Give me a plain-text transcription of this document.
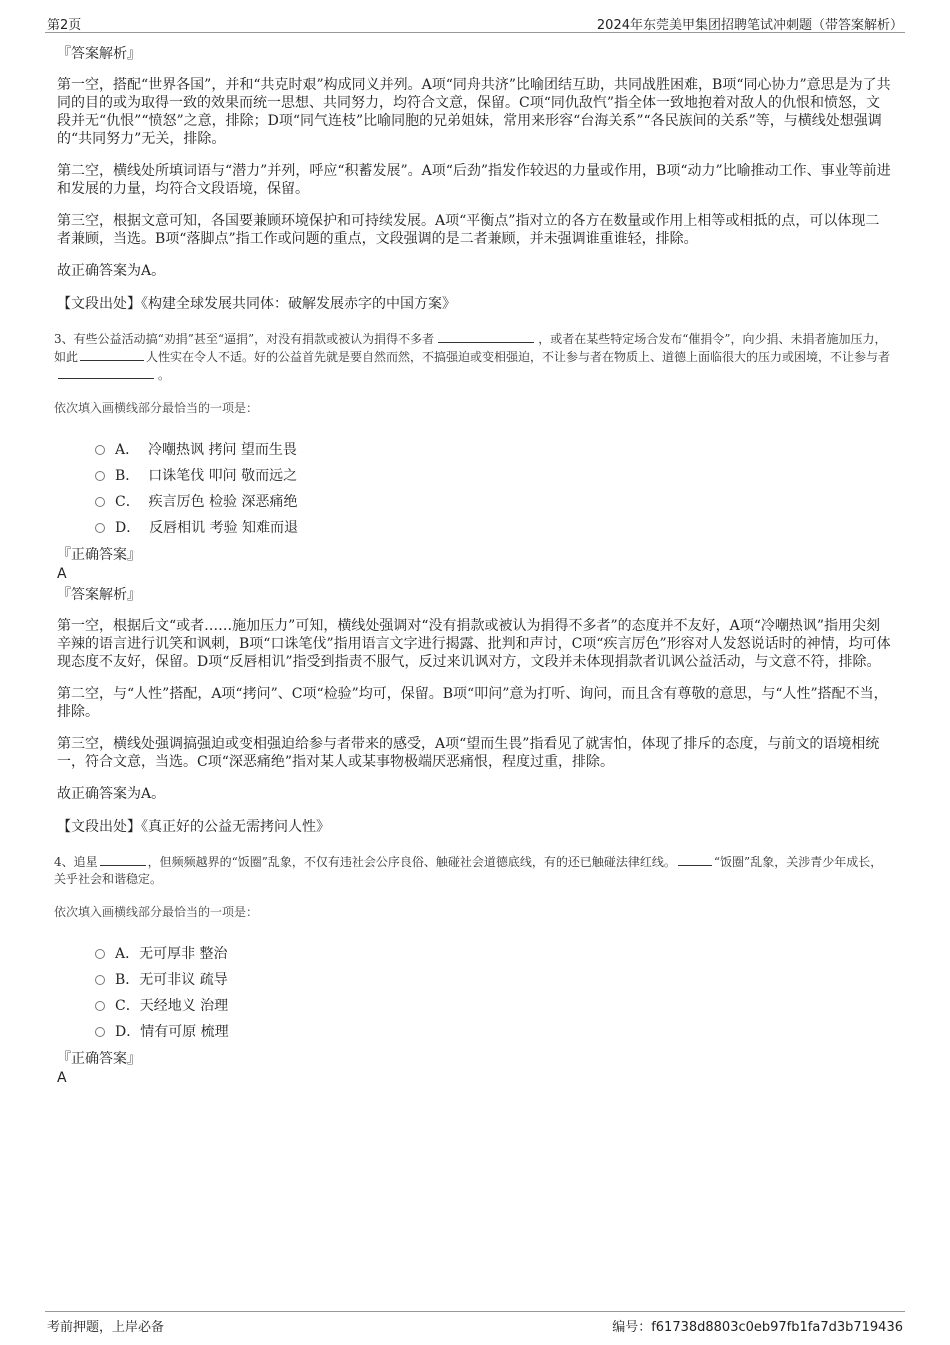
第2页	2024年东莞美甲集团招聘笔试冲刺题（带答案解析）
『答案解析』

第一空，搭配“世界各国”，并和“共克时艰”构成同义并列。A项“同舟共济”比喻团结互助，共同战胜困难，B项“同心协力”意思是为了共同的目的或为取得一致的效果而统一思想、共同努力，均符合文意，保留。C项“同仇敌忾”指全体一致地抱着对敌人的仇恨和愤怒，文段并无“仇恨”“愤怒”之意，排除；D项“同气连枝”比喻同胞的兄弟姐妹，常用来形容“台海关系”“各民族间的关系”等，与横线处想强调的“共同努力”无关，排除。

第二空，横线处所填词语与“潜力”并列，呼应“积蓄发展”。A项“后劲”指发作较迟的力量或作用，B项“动力”比喻推动工作、事业等前进和发展的力量，均符合文段语境，保留。

第三空，根据文意可知，各国要兼顾环境保护和可持续发展。A项“平衡点”指对立的各方在数量或作用上相等或相抵的点，可以体现二者兼顾，当选。B项“落脚点”指工作或问题的重点，文段强调的是二者兼顾，并未强调谁重谁轻，排除。

故正确答案为A。

【文段出处】《构建全球发展共同体：破解发展赤字的中国方案》
3、有些公益活动搞“劝捐”甚至“逼捐”，对没有捐款或被认为捐得不多者	，或者在某些特定场合发布“催捐令”，向少捐、未捐者施加压力，如此	人性实在令人不适。好的公益首先就是要自然而然，不搞强迫或变相强迫，不让参与者在物质上、道德上面临很大的压力或困境，不让参与者。
依次填入画横线部分最恰当的一项是：
A．  冷嘲热讽 拷问 望而生畏
B．  口诛笔伐 叩问 敬而远之
C．  疾言厉色 检验 深恶痛绝
D．  反唇相讥 考验 知难而退
『正确答案』
A
『答案解析』

第一空，根据后文“或者……施加压力”可知，横线处强调对“没有捐款或被认为捐得不多者”的态度并不友好，A项“冷嘲热讽”指用尖刻辛辣的语言进行讥笑和讽刺，B项“口诛笔伐”指用语言文字进行揭露、批判和声讨，C项“疾言厉色”形容对人发怒说话时的神情，均可体现态度不友好，保留。D项“反唇相讥”指受到指责不服气，反过来讥讽对方，文段并未体现捐款者讥讽公益活动，与文意不符，排除。

第二空，与“人性”搭配，A项“拷问”、C项“检验”均可，保留。B项“叩问”意为打听、询问，而且含有尊敬的意思，与“人性”搭配不当，排除。

第三空，横线处强调搞强迫或变相强迫给参与者带来的感受，A项“望而生畏”指看见了就害怕，体现了排斥的态度，与前文的语境相统一，符合文意，当选。C项“深恶痛绝”指对某人或某事物极端厌恶痛恨，程度过重，排除。

故正确答案为A。

【文段出处】《真正好的公益无需拷问人性》
4、追星	，但频频越界的“饭圈”乱象，不仅有违社会公序良俗、触碰社会道德底线，有的还已触碰法律红线。	“饭圈”乱象，关涉青少年成长，关乎社会和谐稳定。
依次填入画横线部分最恰当的一项是：
A．无可厚非 整治
B．无可非议 疏导
C．天经地义 治理
D．情有可原 梳理
『正确答案』
A
考前押题，上岸必备	编号：f61738d8803c0eb97fb1fa7d3b719436
